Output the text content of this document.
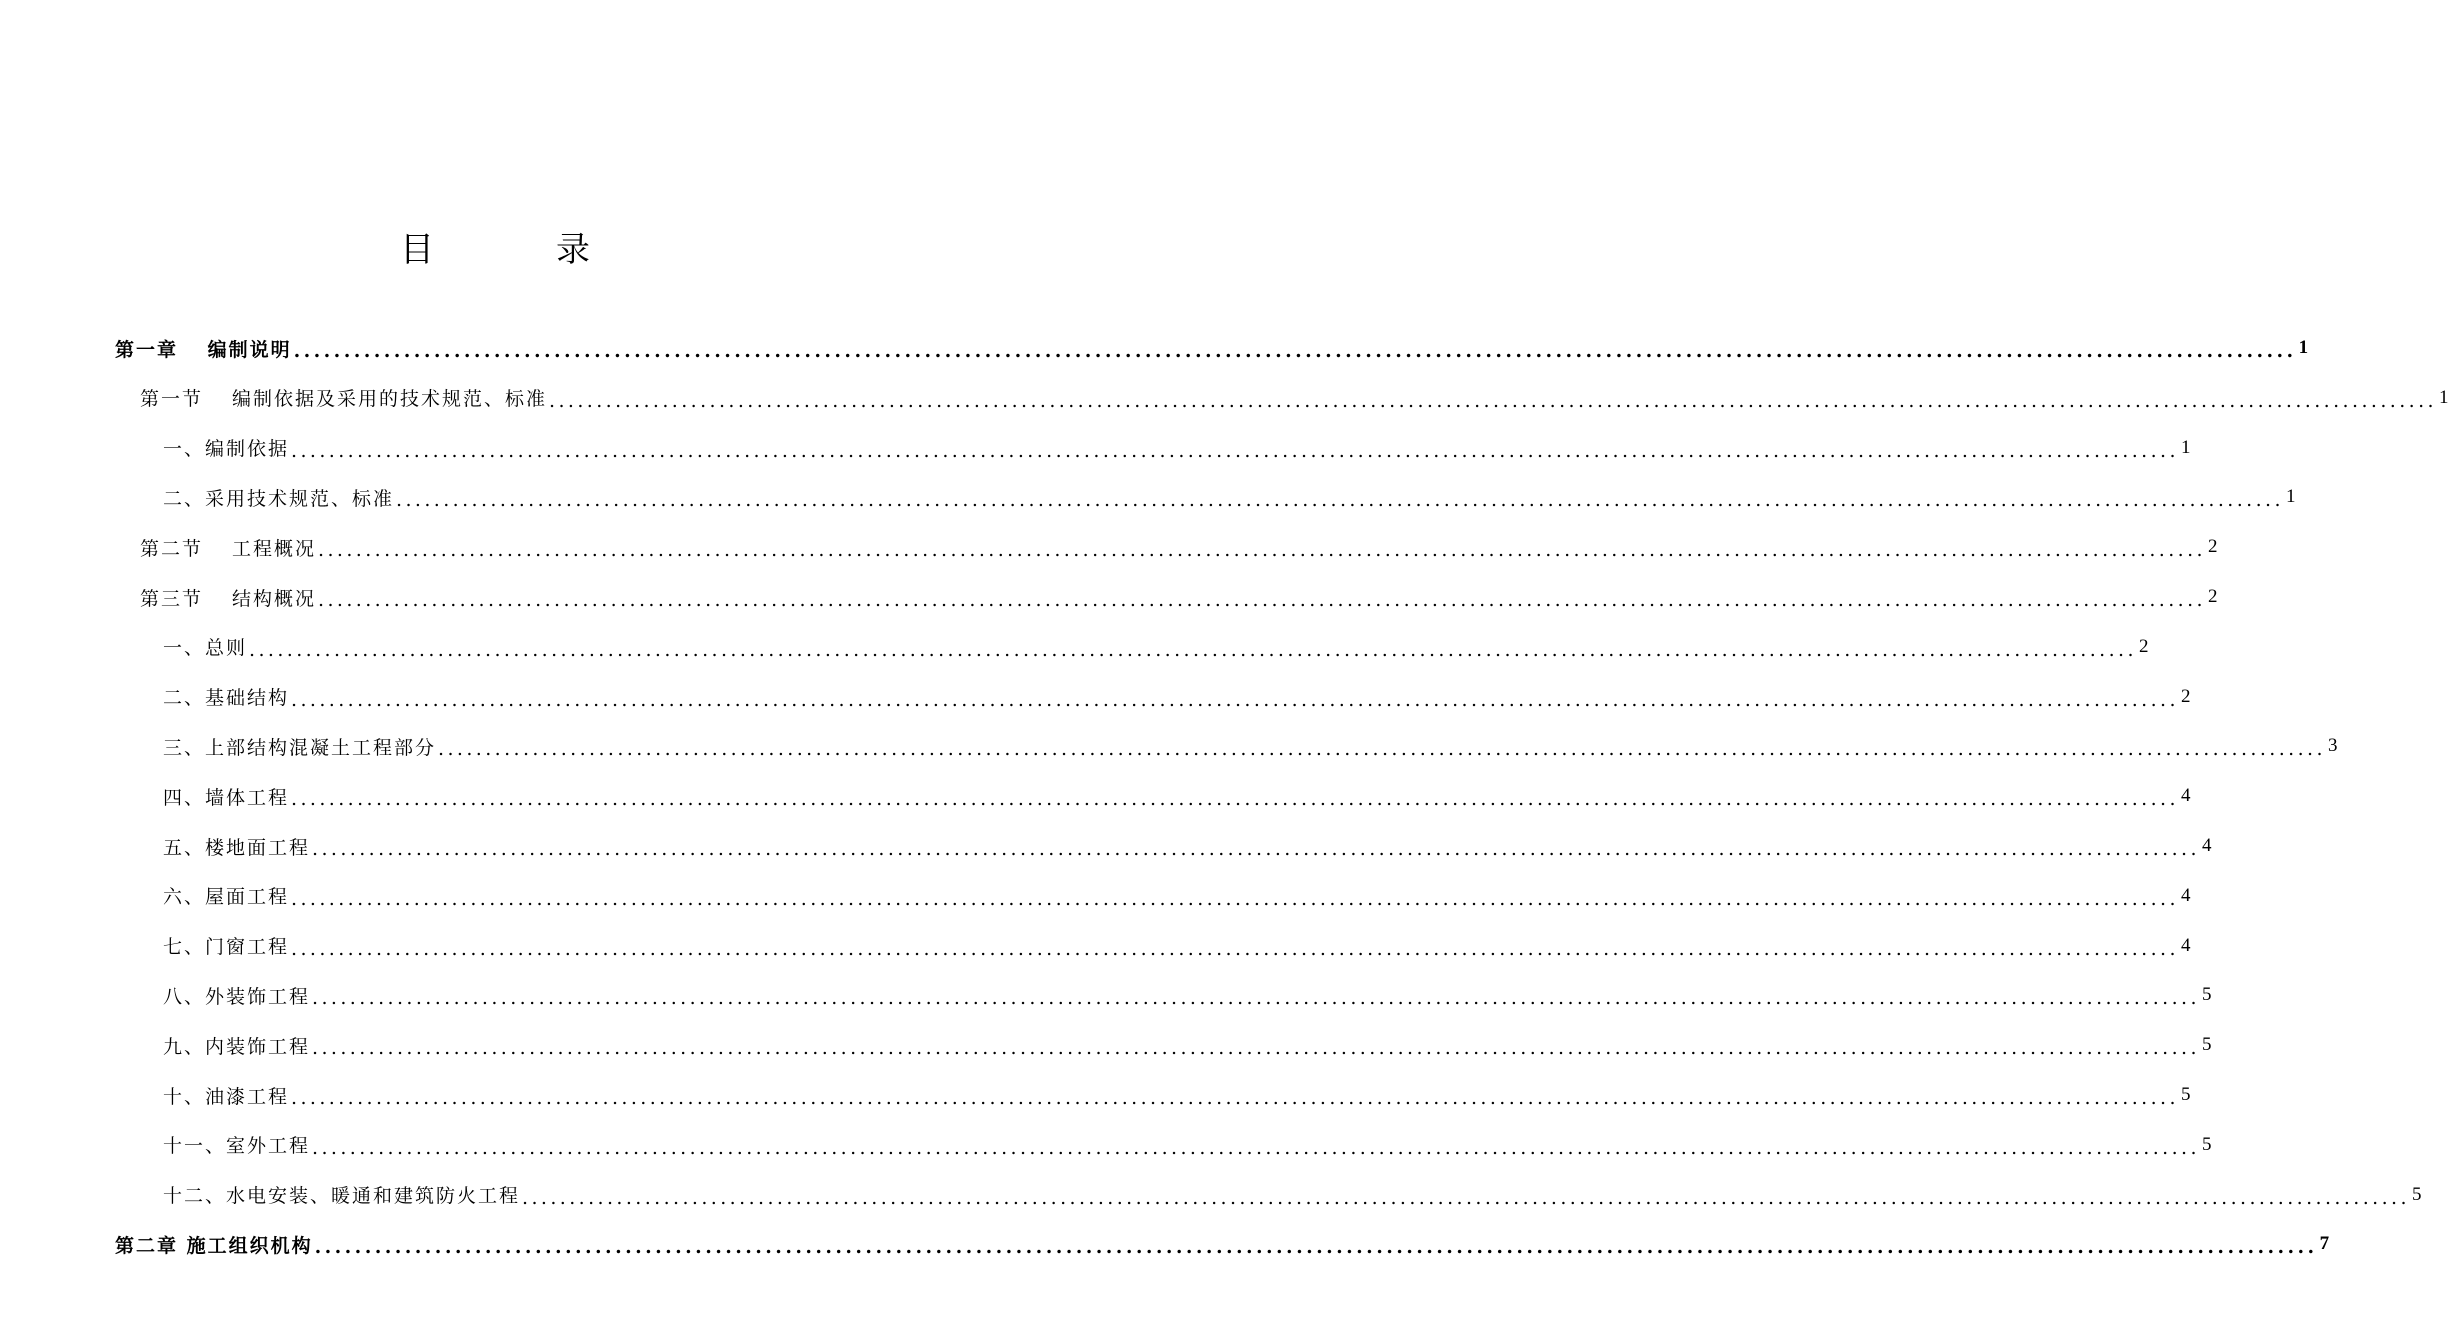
目	录
第一章　 编制说明 ........................................................................................................................................................................................................ 1
第一节　 编制依据及采用的技术规范、标准 ........................................................................................................................................................................................................ 1
一、编制依据 ........................................................................................................................................................................................................ 1
二、采用技术规范、标准 ........................................................................................................................................................................................................ 1
第二节　 工程概况 ........................................................................................................................................................................................................ 2
第三节　 结构概况 ........................................................................................................................................................................................................ 2
一、总则 ........................................................................................................................................................................................................ 2
二、基础结构 ........................................................................................................................................................................................................ 2
三、上部结构混凝土工程部分 ........................................................................................................................................................................................................ 3
四、墙体工程 ........................................................................................................................................................................................................ 4
五、楼地面工程 ........................................................................................................................................................................................................ 4
六、屋面工程 ........................................................................................................................................................................................................ 4
七、门窗工程 ........................................................................................................................................................................................................ 4
八、外装饰工程 ........................................................................................................................................................................................................ 5
九、内装饰工程 ........................................................................................................................................................................................................ 5
十、油漆工程 ........................................................................................................................................................................................................ 5
十一、室外工程 ........................................................................................................................................................................................................ 5
十二、水电安装、暖通和建筑防火工程 ........................................................................................................................................................................................................ 5
第二章 施工组织机构 ........................................................................................................................................................................................................ 7
